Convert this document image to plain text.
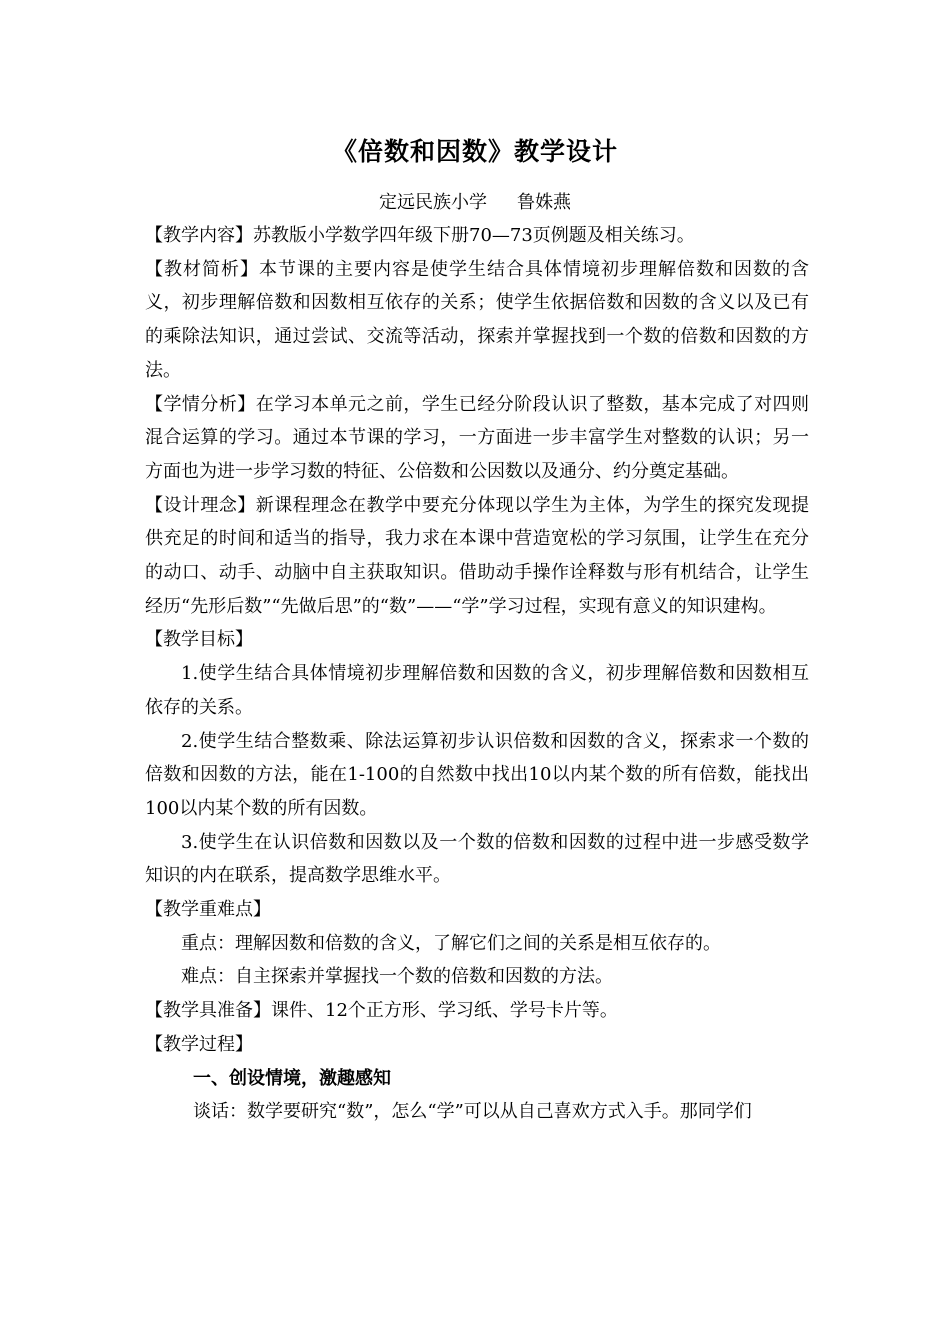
《倍数和因数》教学设计
定远民族小学 鲁姝燕

【教学内容】苏教版小学数学四年级下册70—73页例题及相关练习。

【教材简析】本节课的主要内容是使学生结合具体情境初步理解倍数和因数的含义，初步理解倍数和因数相互依存的关系；使学生依据倍数和因数的含义以及已有的乘除法知识，通过尝试、交流等活动，探索并掌握找到一个数的倍数和因数的方法。

【学情分析】在学习本单元之前，学生已经分阶段认识了整数，基本完成了对四则混合运算的学习。通过本节课的学习，一方面进一步丰富学生对整数的认识；另一方面也为进一步学习数的特征、公倍数和公因数以及通分、约分奠定基础。

【设计理念】新课程理念在教学中要充分体现以学生为主体，为学生的探究发现提供充足的时间和适当的指导，我力求在本课中营造宽松的学习氛围，让学生在充分的动口、动手、动脑中自主获取知识。借助动手操作诠释数与形有机结合，让学生经历“先形后数”“先做后思”的“数”——“学”学习过程，实现有意义的知识建构。

【教学目标】

1.使学生结合具体情境初步理解倍数和因数的含义，初步理解倍数和因数相互依存的关系。

2.使学生结合整数乘、除法运算初步认识倍数和因数的含义，探索求一个数的倍数和因数的方法，能在1-100的自然数中找出10以内某个数的所有倍数，能找出100以内某个数的所有因数。

3.使学生在认识倍数和因数以及一个数的倍数和因数的过程中进一步感受数学知识的内在联系，提高数学思维水平。

【教学重难点】

重点：理解因数和倍数的含义，了解它们之间的关系是相互依存的。

难点：自主探索并掌握找一个数的倍数和因数的方法。

【教学具准备】课件、12个正方形、学习纸、学号卡片等。

【教学过程】

一、创设情境，激趣感知

谈话：数学要研究“数”，怎么“学”可以从自己喜欢方式入手。那同学们
